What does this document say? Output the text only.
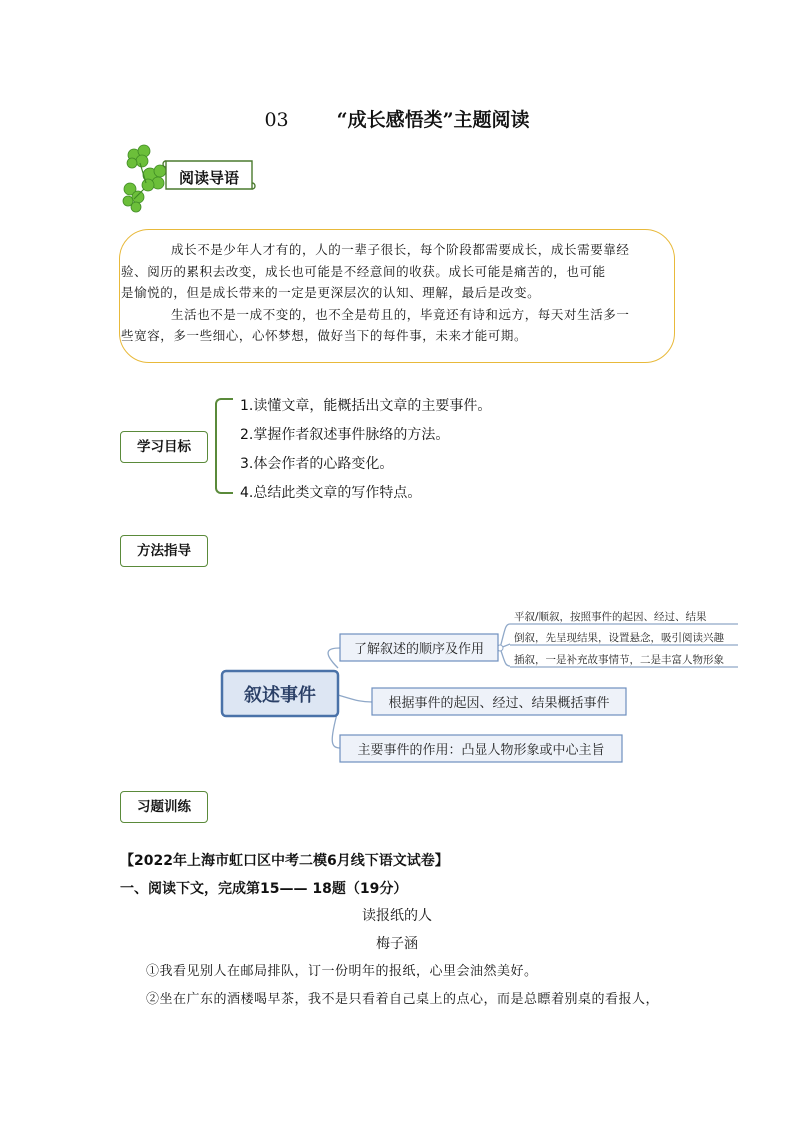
03	“成长感悟类”主题阅读
阅读导语

成长不是少年人才有的，人的一辈子很长，每个阶段都需要成长，成长需要靠经
验、阅历的累积去改变，成长也可能是不经意间的收获。成长可能是痛苦的，也可能
是愉悦的，但是成长带来的一定是更深层次的认知、理解，最后是改变。

生活也不是一成不变的，也不全是苟且的，毕竟还有诗和远方，每天对生活多一
些宽容，多一些细心，心怀梦想，做好当下的每件事，未来才能可期。

学习目标
1.读懂文章，能概括出文章的主要事件。
2.掌握作者叙述事件脉络的方法。
3.体会作者的心路变化。
4.总结此类文章的写作特点。
方法指导
叙述事件
了解叙述的顺序及作用
根据事件的起因、经过、结果概括事件
主要事件的作用：凸显人物形象或中心主旨
平叙/顺叙，按照事件的起因、经过、结果
倒叙，先呈现结果，设置悬念，吸引阅读兴趣
插叙，一是补充故事情节，二是丰富人物形象
习题训练
【2022年上海市虹口区中考二模6月线下语文试卷】
一、阅读下文，完成第15—— 18题（19分）
读报纸的人
梅子涵
①我看见别人在邮局排队，订一份明年的报纸，心里会油然美好。
②坐在广东的酒楼喝早茶，我不是只看着自己桌上的点心，而是总瞟着别桌的看报人，
